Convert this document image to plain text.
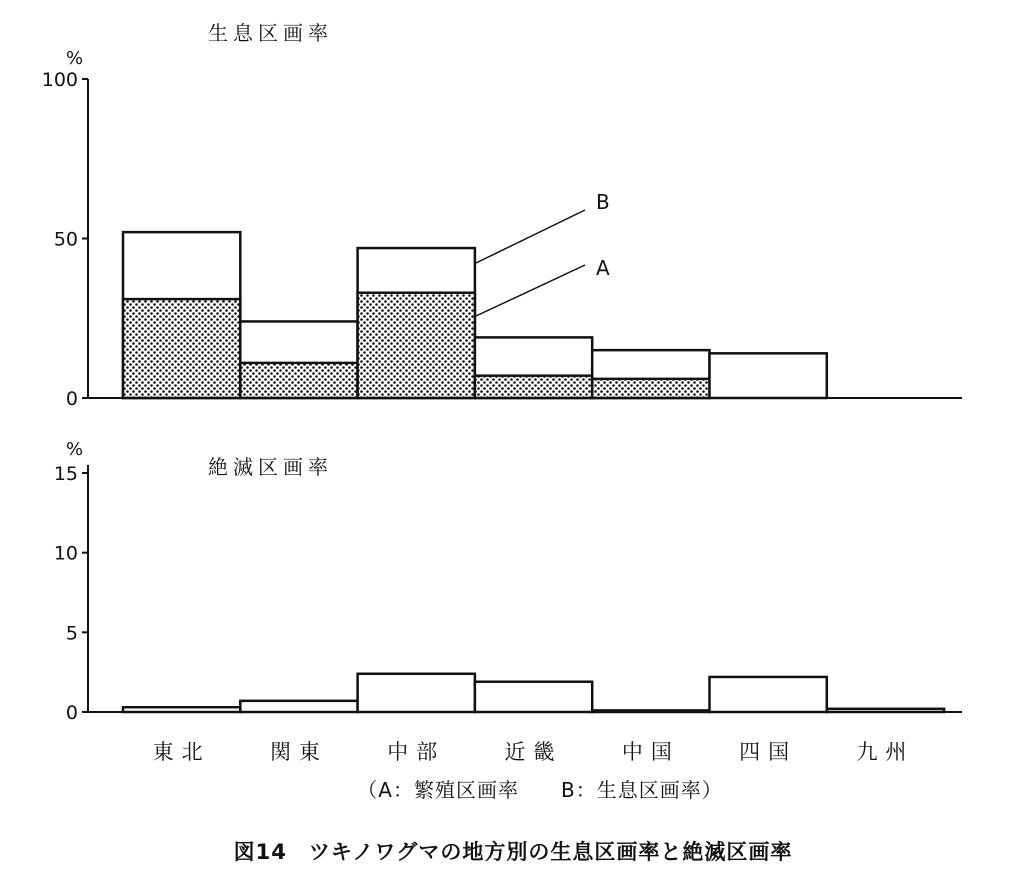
生息区画率
%
0
50
100
B
A
%
絶滅区画率
0
5
10
15
東北	関東	中部	近畿	中国	四国	九州
（A：繁殖区画率　　B：生息区画率）
図14　ツキノワグマの地方別の生息区画率と絶滅区画率
